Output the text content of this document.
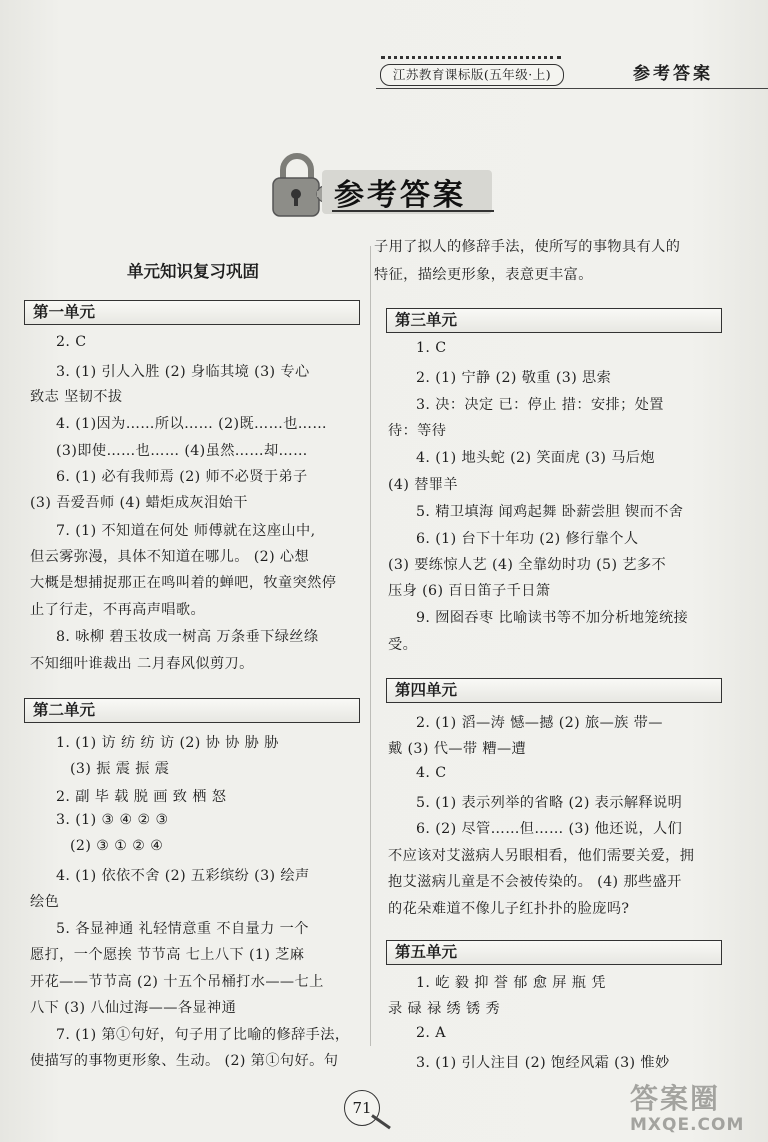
江苏教育课标版(五年级·上)	参考答案
参考答案
单元知识复习巩固
第一单元
2. C
3. (1) 引人入胜 (2) 身临其境 (3) 专心
致志 坚韧不拔
4. (1)因为……所以…… (2)既……也……
(3)即使……也…… (4)虽然……却……
6. (1) 必有我师焉 (2) 师不必贤于弟子
(3) 吾爱吾师 (4) 蜡炬成灰泪始干
7. (1) 不知道在何处 师傅就在这座山中,
但云雾弥漫，具体不知道在哪儿。 (2) 心想
大概是想捕捉那正在鸣叫着的蝉吧，牧童突然停
止了行走，不再高声唱歌。
8. 咏柳 碧玉妆成一树高 万条垂下绿丝绦
不知细叶谁裁出 二月春风似剪刀。
第二单元
1. (1) 访 纺 纺 访 (2) 协 协 胁 胁
(3) 振 震 振 震
2. 副 毕 载 脱 画 致 栖 怒
3. (1) ③ ④ ② ③
(2) ③ ① ② ④
4. (1) 依依不舍 (2) 五彩缤纷 (3) 绘声
绘色
5. 各显神通 礼轻情意重 不自量力 一个
愿打，一个愿挨 节节高 七上八下 (1) 芝麻
开花——节节高 (2) 十五个吊桶打水——七上
八下 (3) 八仙过海——各显神通
7. (1) 第①句好，句子用了比喻的修辞手法，
使描写的事物更形象、生动。 (2) 第①句好。句
子用了拟人的修辞手法，使所写的事物具有人的
特征，描绘更形象，表意更丰富。
第三单元
1. C
2. (1) 宁静 (2) 敬重 (3) 思索
3. 决：决定 已：停止 措：安排；处置
待：等待
4. (1) 地头蛇 (2) 笑面虎 (3) 马后炮
(4) 替罪羊
5. 精卫填海 闻鸡起舞 卧薪尝胆 锲而不舍
6. (1) 台下十年功 (2) 修行靠个人
(3) 要练惊人艺 (4) 全靠幼时功 (5) 艺多不
压身 (6) 百日笛子千日箫
9. 囫囵吞枣 比喻读书等不加分析地笼统接
受。
第四单元
2. (1) 滔—涛 憾—撼 (2) 旅—族 带—
戴 (3) 代—带 糟—遭
4. C
5. (1) 表示列举的省略 (2) 表示解释说明
6. (2) 尽管……但…… (3) 他还说，人们
不应该对艾滋病人另眼相看，他们需要关爱，拥
抱艾滋病儿童是不会被传染的。 (4) 那些盛开
的花朵难道不像儿子红扑扑的脸庞吗?
第五单元
1. 屹 毅 抑 誉 郁 愈 屏 瓶 凭
录 碌 禄 绣 锈 秀
2. A
3. (1) 引人注目 (2) 饱经风霜 (3) 惟妙
71	答案圈
MXQE.COM
